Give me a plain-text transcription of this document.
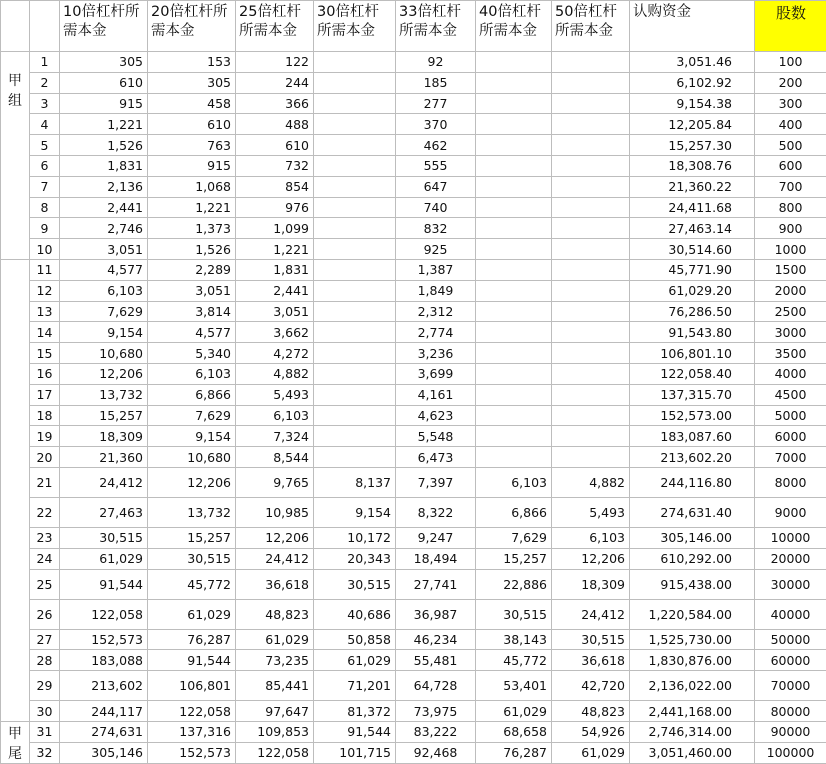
		10倍杠杆所需本金	20倍杠杆所需本金	25倍杠杆所需本金	30倍杠杆所需本金	33倍杠杆所需本金	40倍杠杆所需本金	50倍杠杆所需本金	认购资金	股数
甲
组	1	305	153	122		92			3,051.46	100
	2	610	305	244		185			6,102.92	200
	3	915	458	366		277			9,154.38	300
	4	1,221	610	488		370			12,205.84	400
	5	1,526	763	610		462			15,257.30	500
	6	1,831	915	732		555			18,308.76	600
	7	2,136	1,068	854		647			21,360.22	700
	8	2,441	1,221	976		740			24,411.68	800
	9	2,746	1,373	1,099		832			27,463.14	900
	10	3,051	1,526	1,221		925			30,514.60	1000
	11	4,577	2,289	1,831		1,387			45,771.90	1500
	12	6,103	3,051	2,441		1,849			61,029.20	2000
	13	7,629	3,814	3,051		2,312			76,286.50	2500
	14	9,154	4,577	3,662		2,774			91,543.80	3000
	15	10,680	5,340	4,272		3,236			106,801.10	3500
	16	12,206	6,103	4,882		3,699			122,058.40	4000
	17	13,732	6,866	5,493		4,161			137,315.70	4500
	18	15,257	7,629	6,103		4,623			152,573.00	5000
	19	18,309	9,154	7,324		5,548			183,087.60	6000
	20	21,360	10,680	8,544		6,473			213,602.20	7000
	21	24,412	12,206	9,765	8,137	7,397	6,103	4,882	244,116.80	8000
	22	27,463	13,732	10,985	9,154	8,322	6,866	5,493	274,631.40	9000
	23	30,515	15,257	12,206	10,172	9,247	7,629	6,103	305,146.00	10000
	24	61,029	30,515	24,412	20,343	18,494	15,257	12,206	610,292.00	20000
	25	91,544	45,772	36,618	30,515	27,741	22,886	18,309	915,438.00	30000
	26	122,058	61,029	48,823	40,686	36,987	30,515	24,412	1,220,584.00	40000
	27	152,573	76,287	61,029	50,858	46,234	38,143	30,515	1,525,730.00	50000
	28	183,088	91,544	73,235	61,029	55,481	45,772	36,618	1,830,876.00	60000
	29	213,602	106,801	85,441	71,201	64,728	53,401	42,720	2,136,022.00	70000
	30	244,117	122,058	97,647	81,372	73,975	61,029	48,823	2,441,168.00	80000
甲
尾	31	274,631	137,316	109,853	91,544	83,222	68,658	54,926	2,746,314.00	90000
	32	305,146	152,573	122,058	101,715	92,468	76,287	61,029	3,051,460.00	100000
